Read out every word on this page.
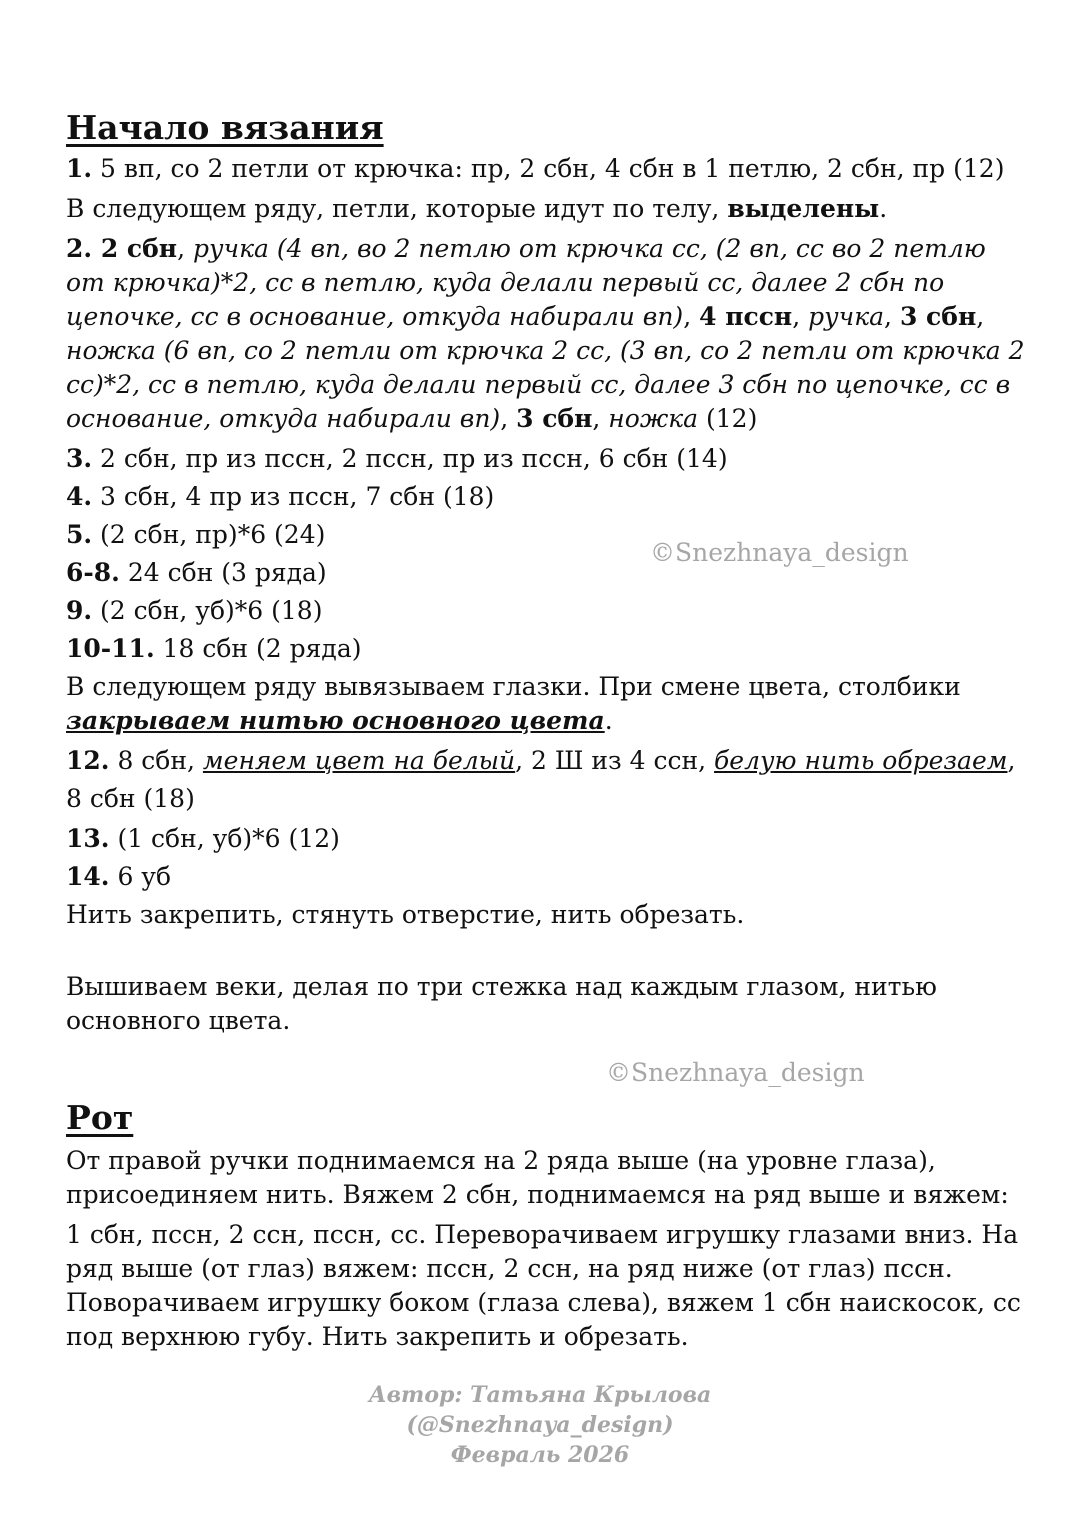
Начало вязания

1. 5 вп, со 2 петли от крючка: пр, 2 сбн, 4 сбн в 1 петлю, 2 сбн, пр (12)

В следующем ряду, петли, которые идут по телу, выделены.

2. 2 сбн, ручка (4 вп, во 2 петлю от крючка сс, (2 вп, сс во 2 петлю от крючка)*2, сс в петлю, куда делали первый сс, далее 2 сбн по цепочке, сс в основание, откуда набирали вп), 4 пссн, ручка, 3 сбн, ножка (6 вп, со 2 петли от крючка 2 сс, (3 вп, со 2 петли от крючка 2 сс)*2, сс в петлю, куда делали первый сс, далее 3 сбн по цепочке, сс в основание, откуда набирали вп), 3 сбн, ножка (12)

3. 2 сбн, пр из пссн, 2 пссн, пр из пссн, 6 сбн (14)

4. 3 сбн, 4 пр из пссн, 7 сбн (18)

5. (2 сбн, пр)*6 (24)

6-8. 24 сбн (3 ряда)

9. (2 сбн, уб)*6 (18)

10-11. 18 сбн (2 ряда)

В следующем ряду вывязываем глазки. При смене цвета, столбики закрываем нитью основного цвета.

12. 8 сбн, меняем цвет на белый, 2 Ш из 4 ссн, белую нить обрезаем,

8 сбн (18)

13. (1 сбн, уб)*6 (12)

14. 6 уб

Нить закрепить, стянуть отверстие, нить обрезать.

Вышиваем веки, делая по три стежка над каждым глазом, нитью основного цвета.

Рот

От правой ручки поднимаемся на 2 ряда выше (на уровне глаза), присоединяем нить. Вяжем 2 сбн, поднимаемся на ряд выше и вяжем:

1 сбн, пссн, 2 ссн, пссн, сс. Переворачиваем игрушку глазами вниз. На ряд выше (от глаз) вяжем: пссн, 2 ссн, на ряд ниже (от глаз) пссн. Поворачиваем игрушку боком (глаза слева), вяжем 1 сбн наискосок, сс под верхнюю губу. Нить закрепить и обрезать.

©Snezhnaya_design
©Snezhnaya_design
Автор: Татьяна Крылова
(@Snezhnaya_design)
Февраль 2026
